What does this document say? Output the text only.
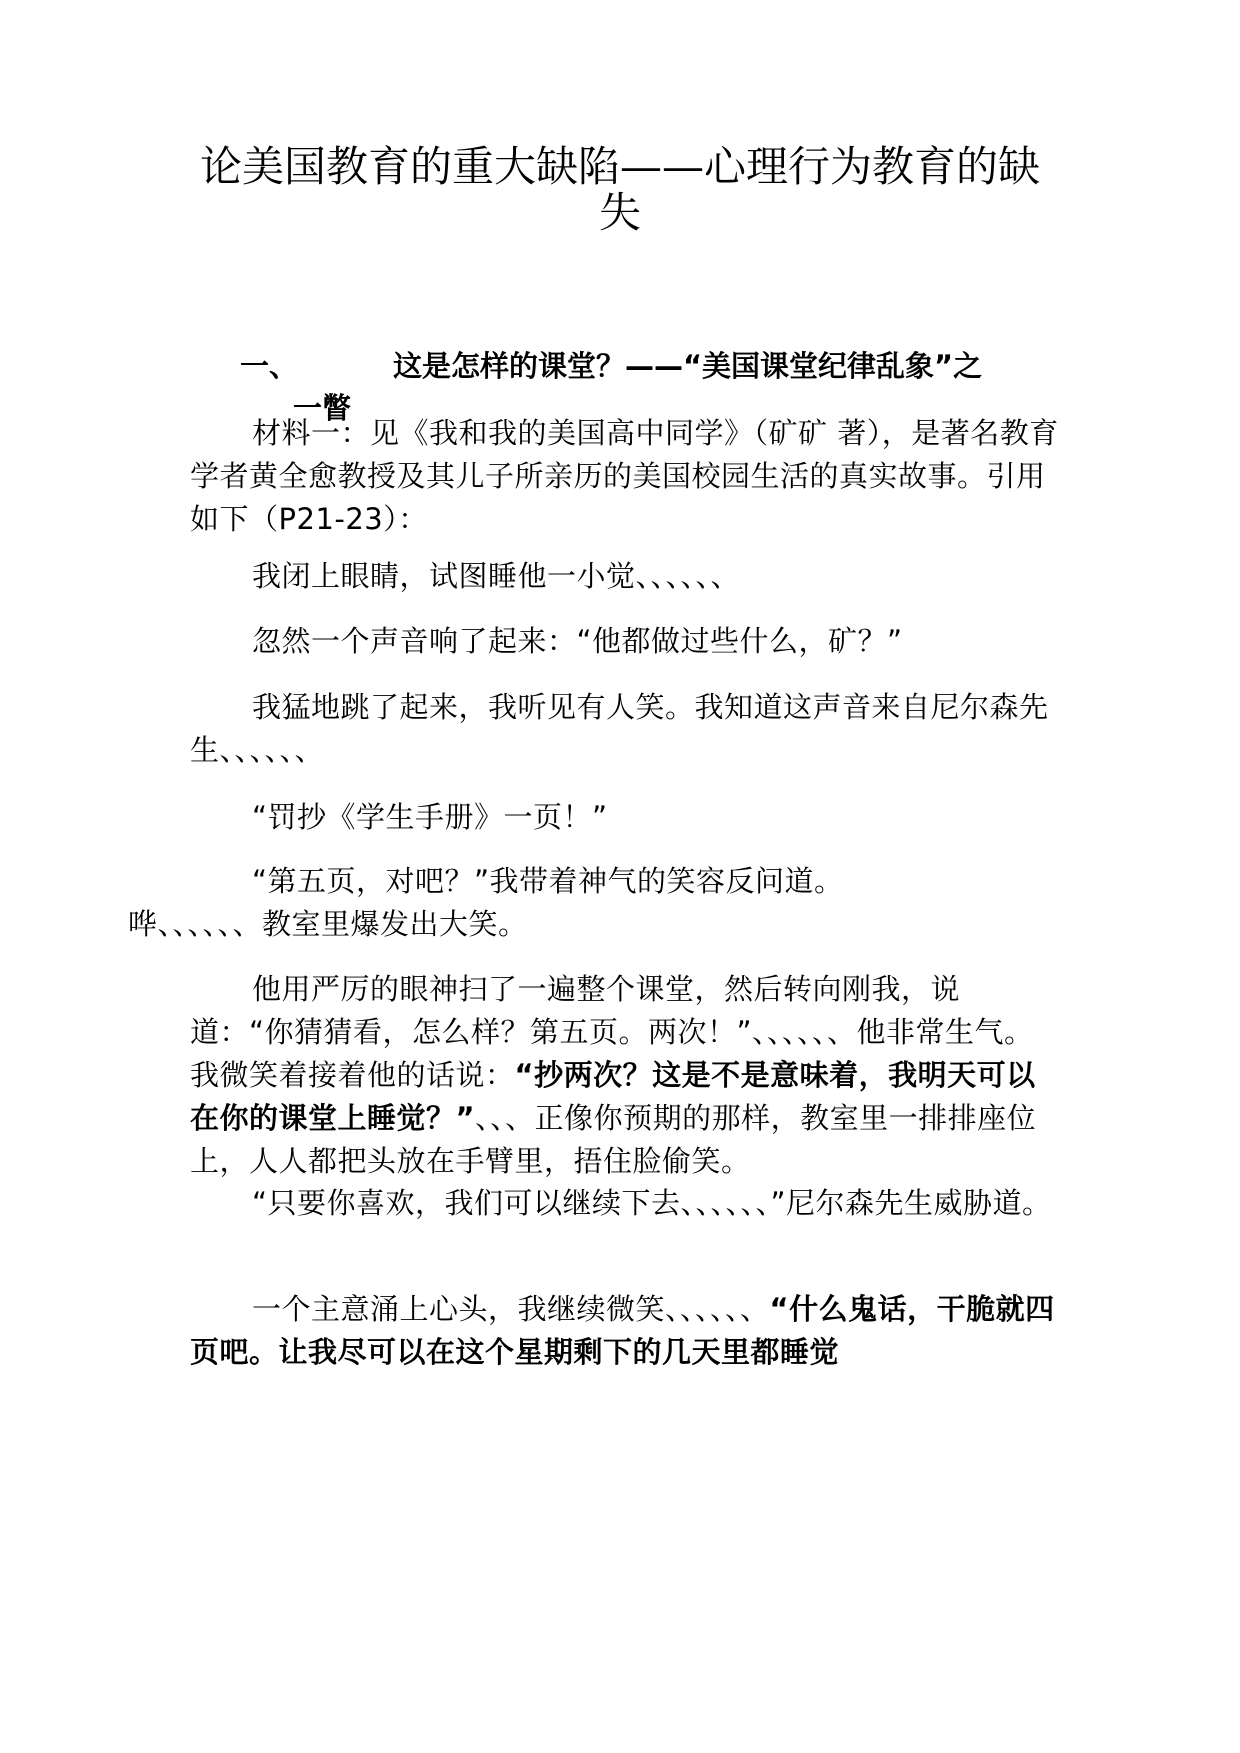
论美国教育的重大缺陷——心理行为教育的缺失
一、	这是怎样的课堂？——“美国课堂纪律乱象”之
一瞥

材料一：见《我和我的美国高中同学》（矿矿 著），是著名教育学者黄全愈教授及其儿子所亲历的美国校园生活的真实故事。引用如下（P21-23）：

我闭上眼睛，试图睡他一小觉、、、、、、

忽然一个声音响了起来：“他都做过些什么，矿？”

我猛地跳了起来，我听见有人笑。我知道这声音来自尼尔森先生、、、、、、

“罚抄《学生手册》一页！”

“第五页，对吧？”我带着神气的笑容反问道。
哗、、、、、、教室里爆发出大笑。

他用严厉的眼神扫了一遍整个课堂，然后转向刚我，说道：“你猜猜看，怎么样？第五页。两次！”、、、、、、他非常生气。我微笑着接着他的话说：“抄两次？这是不是意味着，我明天可以在你的课堂上睡觉？”、、、正像你预期的那样，教室里一排排座位上，人人都把头放在手臂里，捂住脸偷笑。

“只要你喜欢，我们可以继续下去、、、、、、”尼尔森先生威胁道。

一个主意涌上心头，我继续微笑、、、、、、“什么鬼话，干脆就四页吧。让我尽可以在这个星期剩下的几天里都睡觉
